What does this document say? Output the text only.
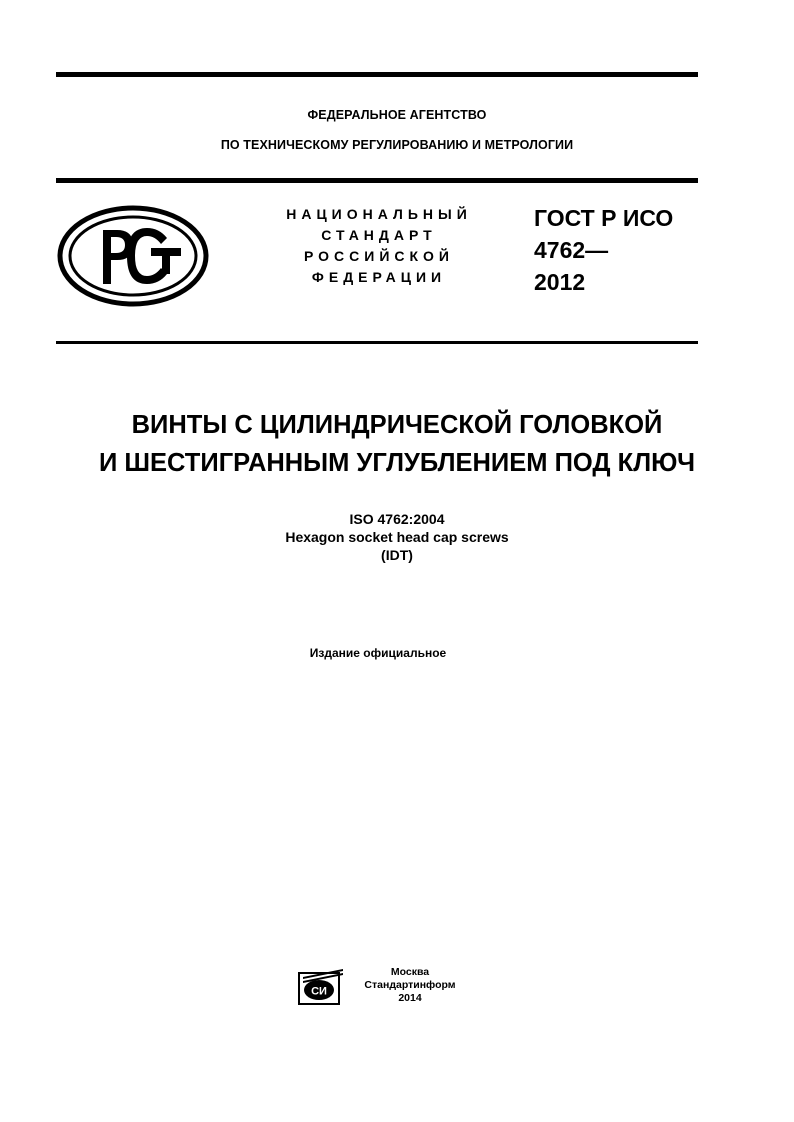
ФЕДЕРАЛЬНОЕ АГЕНТСТВО
ПО ТЕХНИЧЕСКОМУ РЕГУЛИРОВАНИЮ И МЕТРОЛОГИИ
НАЦИОНАЛЬНЫЙ
СТАНДАРТ
РОССИЙСКОЙ
ФЕДЕРАЦИИ
ГОСТ Р ИСО
4762—
2012
ВИНТЫ С ЦИЛИНДРИЧЕСКОЙ ГОЛОВКОЙ
И ШЕСТИГРАННЫМ УГЛУБЛЕНИЕМ ПОД КЛЮЧ
ISO 4762:2004
Hexagon socket head cap screws
(IDT)
Издание официальное
СИ
Москва
Стандартинформ
2014
